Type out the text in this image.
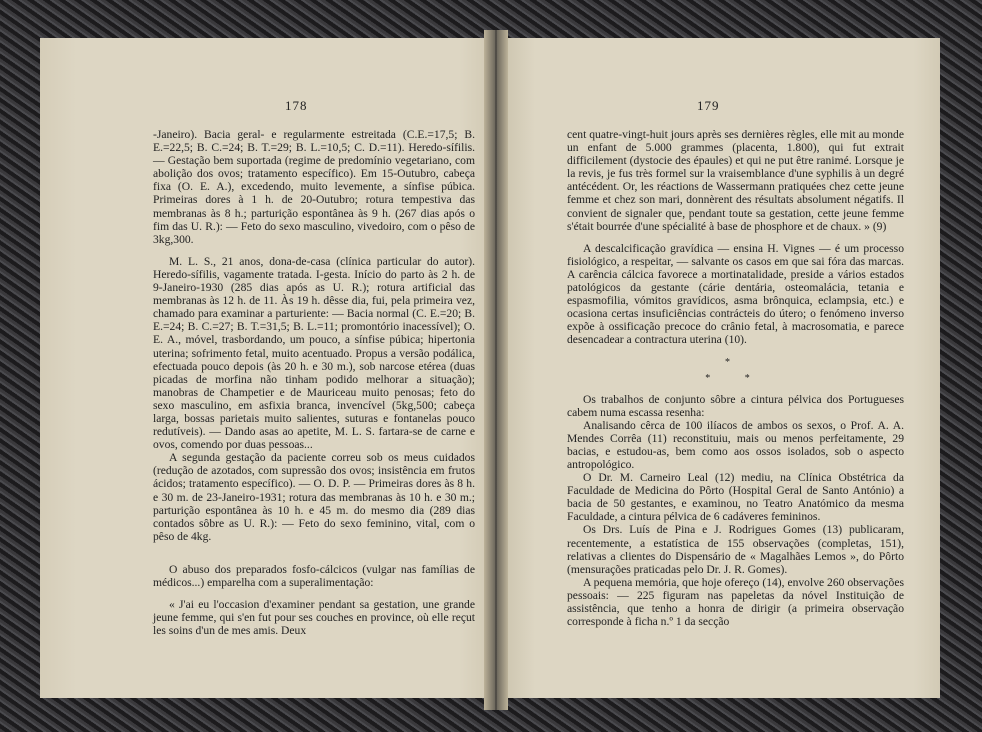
178

-Janeiro). Bacia geral- e regularmente estreitada (C.E.=17,5; B. E.=22,5; B. C.=24; B. T.=29; B. L.=10,5; C. D.=11). Heredo-sífilis. — Gestação bem suportada (regime de predomínio vegetariano, com abolição dos ovos; tratamento específico). Em 15-Outubro, cabeça fixa (O. E. A.), excedendo, muito levemente, a sínfise púbica. Primeiras dores à 1 h. de 20-Outubro; rotura tempestiva das membranas às 8 h.; parturição espontânea às 9 h. (267 dias após o fim das U. R.): — Feto do sexo masculino, vivedoiro, com o pêso de 3kg,300.

M. L. S., 21 anos, dona-de-casa (clínica particular do autor). Heredo-sífilis, vagamente tratada. I-gesta. Início do parto às 2 h. de 9-Janeiro-1930 (285 dias após as U. R.); rotura artificial das membranas às 12 h. de 11. Às 19 h. dêsse dia, fui, pela primeira vez, chamado para examinar a parturiente: — Bacia normal (C. E.=20; B. E.=24; B. C.=27; B. T.=31,5; B. L.=11; promontório inacessível); O. E. A., móvel, trasbordando, um pouco, a sínfise púbica; hipertonia uterina; sofrimento fetal, muito acentuado. Propus a versão podálica, efectuada pouco depois (às 20 h. e 30 m.), sob narcose etérea (duas picadas de morfina não tinham podido melhorar a situação); manobras de Champetier e de Mauriceau muito penosas; feto do sexo masculino, em asfixia branca, invencível (5kg,500; cabeça larga, bossas parietais muito salientes, suturas e fontanelas pouco redutíveis). — Dando asas ao apetite, M. L. S. fartara-se de carne e ovos, comendo por duas pessoas...

A segunda gestação da paciente correu sob os meus cuidados (redução de azotados, com supressão dos ovos; insistência em frutos ácidos; tratamento específico). — O. D. P. — Primeiras dores às 8 h. e 30 m. de 23-Janeiro-1931; rotura das membranas às 10 h. e 30 m.; parturição espontânea às 10 h. e 45 m. do mesmo dia (289 dias contados sôbre as U. R.): — Feto do sexo feminino, vital, com o pêso de 4kg.

O abuso dos preparados fosfo-cálcicos (vulgar nas famílias de médicos...) emparelha com a superalimentação:

« J'ai eu l'occasion d'examiner pendant sa gestation, une grande jeune femme, qui s'en fut pour ses couches en province, où elle reçut les soins d'un de mes amis. Deux

179

cent quatre-vingt-huit jours après ses dernières règles, elle mit au monde un enfant de 5.000 grammes (placenta, 1.800), qui fut extrait difficilement (dystocie des épaules) et qui ne put être ranimé. Lorsque je la revis, je fus très formel sur la vraisemblance d'une syphilis à un degré antécédent. Or, les réactions de Wassermann pratiquées chez cette jeune femme et chez son mari, donnèrent des résultats absolument négatifs. Il convient de signaler que, pendant toute sa gestation, cette jeune femme s'était bourrée d'une spécialité à base de phosphore et de chaux. » (9)

A descalcificação gravídica — ensina H. Vignes — é um processo fisiológico, a respeitar, — salvante os casos em que sai fóra das marcas. A carência cálcica favorece a mortinatalidade, preside a vários estados patológicos da gestante (cárie dentária, osteomalácia, tetania e espasmofilia, vómitos gravídicos, asma brônquica, eclampsia, etc.) e ocasiona certas insuficiências contrácteis do útero; o fenómeno inverso expõe à ossificação precoce do crânio fetal, à macrosomatia, e parece desencadear a contractura uterina (10).

*
* *

Os trabalhos de conjunto sôbre a cintura pélvica dos Portugueses cabem numa escassa resenha:

Analisando cêrca de 100 ilíacos de ambos os sexos, o Prof. A. A. Mendes Corrêa (11) reconstituiu, mais ou menos perfeitamente, 29 bacias, e estudou-as, bem como aos ossos isolados, sob o aspecto antropológico.

O Dr. M. Carneiro Leal (12) mediu, na Clínica Obstétrica da Faculdade de Medicina do Pôrto (Hospital Geral de Santo António) a bacia de 50 gestantes, e examinou, no Teatro Anatómico da mesma Faculdade, a cintura pélvica de 6 cadáveres femininos.

Os Drs. Luís de Pina e J. Rodrigues Gomes (13) publicaram, recentemente, a estatística de 155 observações (completas, 151), relativas a clientes do Dispensário de « Magalhães Lemos », do Pôrto (mensurações praticadas pelo Dr. J. R. Gomes).

A pequena memória, que hoje ofereço (14), envolve 260 observações pessoais: — 225 figuram nas papeletas da nóvel Instituição de assistência, que tenho a honra de dirigir (a primeira observação corresponde à ficha n.º 1 da secção
